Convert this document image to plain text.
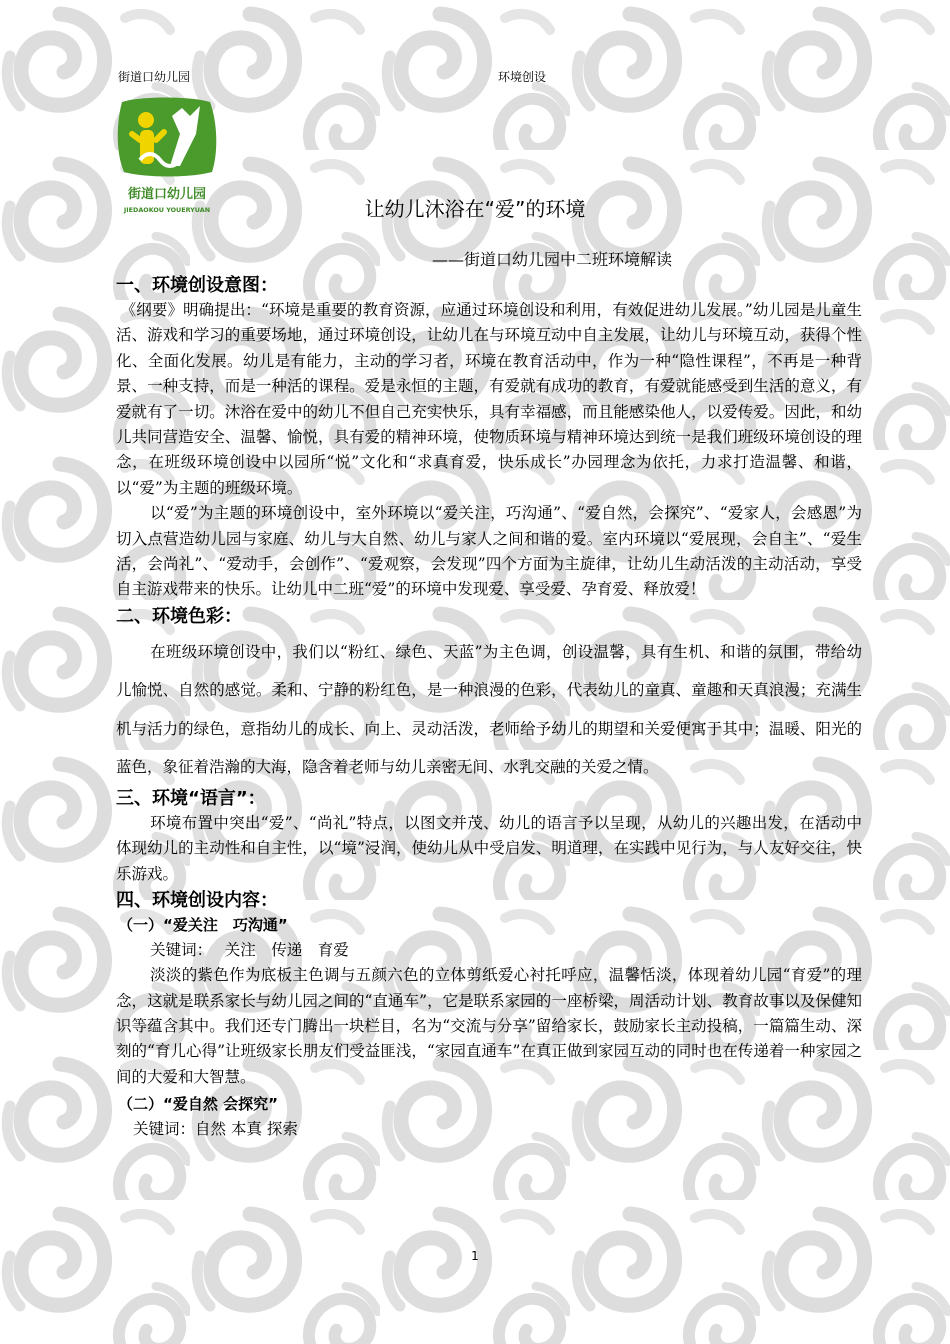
街道口幼儿园	环境创设
街道口幼儿园
JIEDAOKOU YOUERYUAN	让幼儿沐浴在“爱”的环境
——街道口幼儿园中二班环境解读
一、环境创设意图：

《纲要》明确提出：“环境是重要的教育资源，应通过环境创设和利用，有效促进幼儿发展。”幼儿园是儿童生活、游戏和学习的重要场地，通过环境创设，让幼儿在与环境互动中自主发展，让幼儿与环境互动，获得个性化、全面化发展。幼儿是有能力，主动的学习者，环境在教育活动中，作为一种“隐性课程”，不再是一种背景、一种支持，而是一种活的课程。爱是永恒的主题，有爱就有成功的教育，有爱就能感受到生活的意义，有爱就有了一切。沐浴在爱中的幼儿不但自己充实快乐，具有幸福感，而且能感染他人，以爱传爱。因此，和幼儿共同营造安全、温馨、愉悦，具有爱的精神环境，使物质环境与精神环境达到统一是我们班级环境创设的理念，在班级环境创设中以园所“悦”文化和“求真育爱，快乐成长”办园理念为依托，力求打造温馨、和谐，以“爱”为主题的班级环境。

以“爱”为主题的环境创设中，室外环境以“爱关注，巧沟通”、“爱自然，会探究”、“爱家人，会感恩”为切入点营造幼儿园与家庭、幼儿与大自然、幼儿与家人之间和谐的爱。室内环境以“爱展现，会自主”、“爱生活，会尚礼”、“爱动手，会创作”、“爱观察，会发现”四个方面为主旋律，让幼儿生动活泼的主动活动，享受自主游戏带来的快乐。让幼儿中二班“爱”的环境中发现爱、享受爱、孕育爱、释放爱！

二、环境色彩：

在班级环境创设中，我们以“粉红、绿色、天蓝”为主色调，创设温馨，具有生机、和谐的氛围，带给幼儿愉悦、自然的感觉。柔和、宁静的粉红色，是一种浪漫的色彩，代表幼儿的童真、童趣和天真浪漫；充满生机与活力的绿色，意指幼儿的成长、向上、灵动活泼，老师给予幼儿的期望和关爱便寓于其中；温暖、阳光的蓝色，象征着浩瀚的大海，隐含着老师与幼儿亲密无间、水乳交融的关爱之情。

三、环境“语言”：

环境布置中突出“爱”、“尚礼”特点，以图文并茂、幼儿的语言予以呈现，从幼儿的兴趣出发，在活动中体现幼儿的主动性和自主性，以“境”浸润，使幼儿从中受启发、明道理，在实践中见行为，与人友好交往，快乐游戏。

四、环境创设内容：
（一）“爱关注　巧沟通”
关键词：　 关注　传递　育爱

淡淡的紫色作为底板主色调与五颜六色的立体剪纸爱心衬托呼应，温馨恬淡，体现着幼儿园“育爱”的理念，这就是联系家长与幼儿园之间的“直通车”，它是联系家园的一座桥梁，周活动计划、教育故事以及保健知识等蕴含其中。我们还专门腾出一块栏目，名为“交流与分享”留给家长，鼓励家长主动投稿，一篇篇生动、深刻的“育儿心得”让班级家长朋友们受益匪浅，“家园直通车”在真正做到家园互动的同时也在传递着一种家园之间的大爱和大智慧。

（二）“爱自然 会探究”
关键词：自然 本真 探索
1
